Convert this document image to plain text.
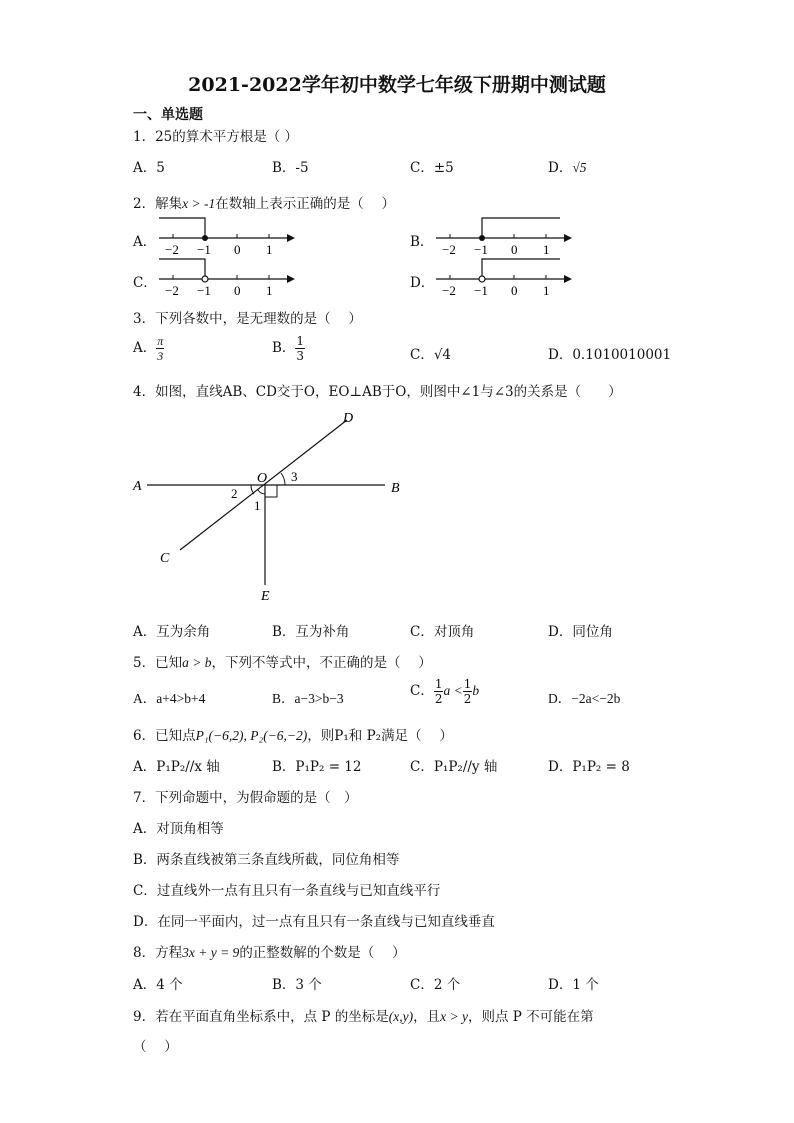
2021-2022学年初中数学七年级下册期中测试题
一、单选题
1．25的算术平方根是（ ）
A．5	B．-5	C．±5	D．√5
2．解集x > -1在数轴上表示正确的是（　 ）
A．	B．
C．	D．
−2 −1 0 1	−2 −1 0 1
−2 −1 0 1	−2 −1 0 1
3．下列各数中，是无理数的是（　 ）
A． $\frac{\pi}{3}$	B． $\frac{1}{3}$	C．√4	D．0.1010010001
4．如图，直线AB、CD交于O，EO⊥AB于O，则图中∠1与∠3的关系是（　　）
A	B
C
D
O
E
3
2
1
A．互为余角	B．互为补角	C．对顶角	D．同位角
5．已知a > b，下列不等式中，不正确的是（　 ）
A．a+4>b+4	B．a−3>b−3	C． $\frac{1}{2}$ $a < \frac{1}{2}$ b
D．−2a<−2b
6．已知点P₁(−6,2), P₂(−6,−2)，则P₁和 P₂满足（　 ）
A．P₁P₂//x 轴	B．P₁P₂ = 12	C．P₁P₂//y 轴	D．P₁P₂ = 8
7．下列命题中，为假命题的是（　）
A．对顶角相等
B．两条直线被第三条直线所截，同位角相等
C．过直线外一点有且只有一条直线与已知直线平行
D．在同一平面内，过一点有且只有一条直线与已知直线垂直
8．方程3x + y = 9的正整数解的个数是（　 ）
A．4 个	B．3 个	C．2 个	D．1 个
9．若在平面直角坐标系中，点 P 的坐标是(x,y)，且x > y，则点 P 不可能在第
（　 ）
